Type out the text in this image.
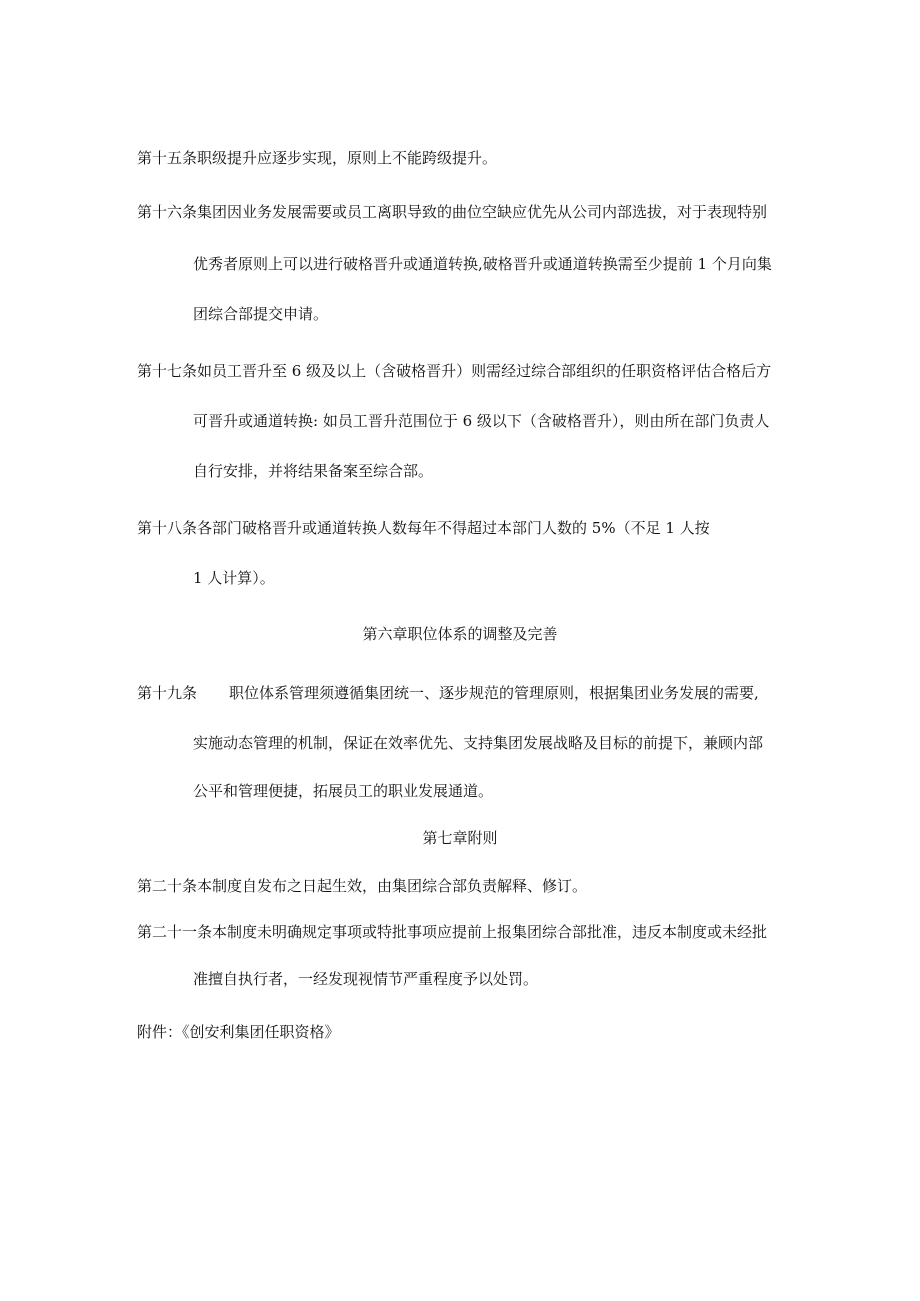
第十五条职级提升应逐步实现，原则上不能跨级提升。
第十六条集团因业务发展需要或员工离职导致的曲位空缺应优先从公司内部选拔，对于表现特别
优秀者原则上可以进行破格晋升或通道转换,破格晋升或通道转换需至少提前 1 个月向集
团综合部提交申请。
第十七条如员工晋升至 6 级及以上（含破格晋升）则需经过综合部组织的任职资格评估合格后方
可晋升或通道转换: 如员工晋升范围位于 6 级以下（含破格晋升），则由所在部门负责人
自行安排，并将结果备案至综合部。
第十八条各部门破格晋升或通道转换人数每年不得超过本部门人数的 5%（不足 1 人按
1 人计算）。
第六章职位体系的调整及完善
第十九条 职位体系管理须遵循集团统一、逐步规范的管理原则，根据集团业务发展的需要,
实施动态管理的机制，保证在效率优先、支持集团发展战略及目标的前提下，兼顾内部
公平和管理便捷，拓展员工的职业发展通道。
第七章附则
第二十条本制度自发布之日起生效，由集团综合部负责解释、修订。
第二十一条本制度未明确规定事项或特批事项应提前上报集团综合部批准，违反本制度或未经批
准擅自执行者，一经发现视情节严重程度予以处罚。
附件：《创安利集团任职资格》
